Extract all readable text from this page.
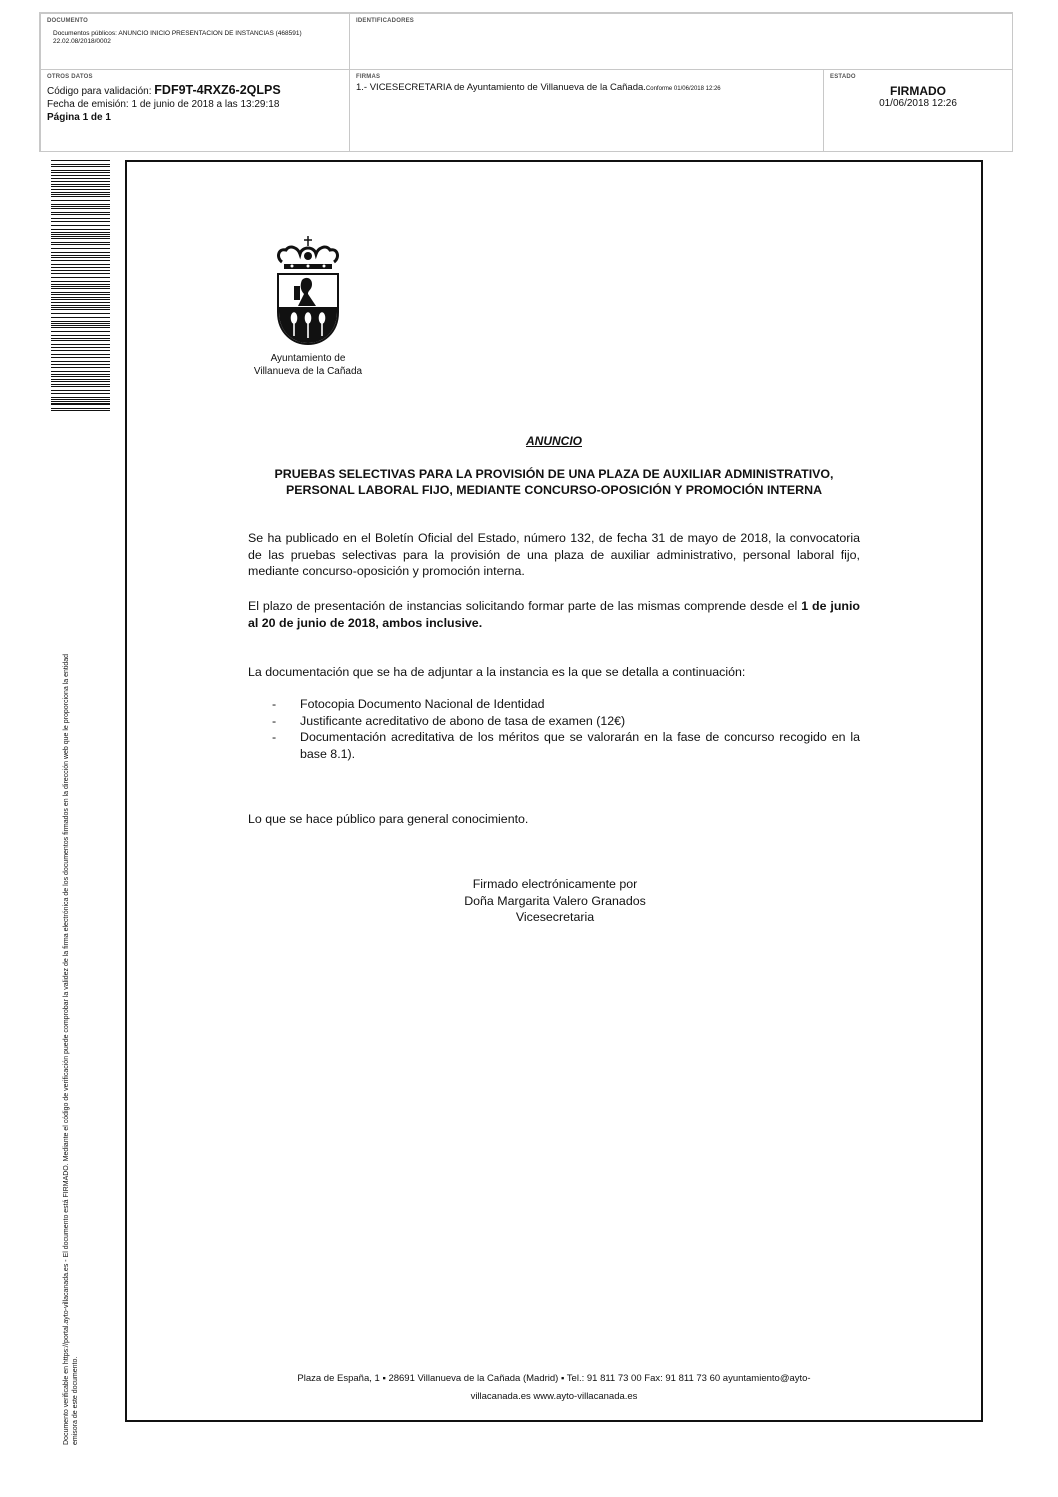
DOCUMENTO
Documentos públicos: ANUNCIO INICIO PRESENTACION DE INSTANCIAS (468591) 22.02.08/2018/0002
IDENTIFICADORES
OTROS DATOS
Código para validación: FDF9T-4RXZ6-2QLPS
Fecha de emisión: 1 de junio de 2018 a las 13:29:18
Página 1 de 1
FIRMAS
1.- VICESECRETARIA de Ayuntamiento de Villanueva de la Cañada.Conforme 01/06/2018 12:26
ESTADO
FIRMADO
01/06/2018 12:26
Documento verificable en https://portal.ayto-villacanada.es - El documento está FIRMADO. Mediante el código de verificación puede comprobar la validez de la firma electrónica de los documentos firmados en la dirección web que le proporciona la entidad emisora de este documento.
Ayuntamiento de
Villanueva de la Cañada
ANUNCIO
PRUEBAS SELECTIVAS PARA LA PROVISIÓN DE UNA PLAZA DE AUXILIAR ADMINISTRATIVO, PERSONAL LABORAL FIJO, MEDIANTE CONCURSO-OPOSICIÓN Y PROMOCIÓN INTERNA
Se ha publicado en el Boletín Oficial del Estado, número 132, de fecha 31 de mayo de 2018, la convocatoria de las pruebas selectivas para la provisión de una plaza de auxiliar administrativo, personal laboral fijo, mediante concurso-oposición y promoción interna.
El plazo de presentación de instancias solicitando formar parte de las mismas comprende desde el 1 de junio al 20 de junio de 2018, ambos inclusive.
La documentación que se ha de adjuntar a la instancia es la que se detalla a continuación:
-	Fotocopia Documento Nacional de Identidad
-	Justificante acreditativo de abono de tasa de examen (12€)
-	Documentación acreditativa de los méritos que se valorarán en la fase de concurso recogido en la base 8.1).
Lo que se hace público para general conocimiento.
Firmado electrónicamente por
Doña Margarita Valero Granados
Vicesecretaria
Plaza de España, 1 ▪ 28691 Villanueva de la Cañada (Madrid) ▪ Tel.: 91 811 73 00 Fax: 91 811 73 60 ayuntamiento@ayto-
villacanada.es www.ayto-villacanada.es
